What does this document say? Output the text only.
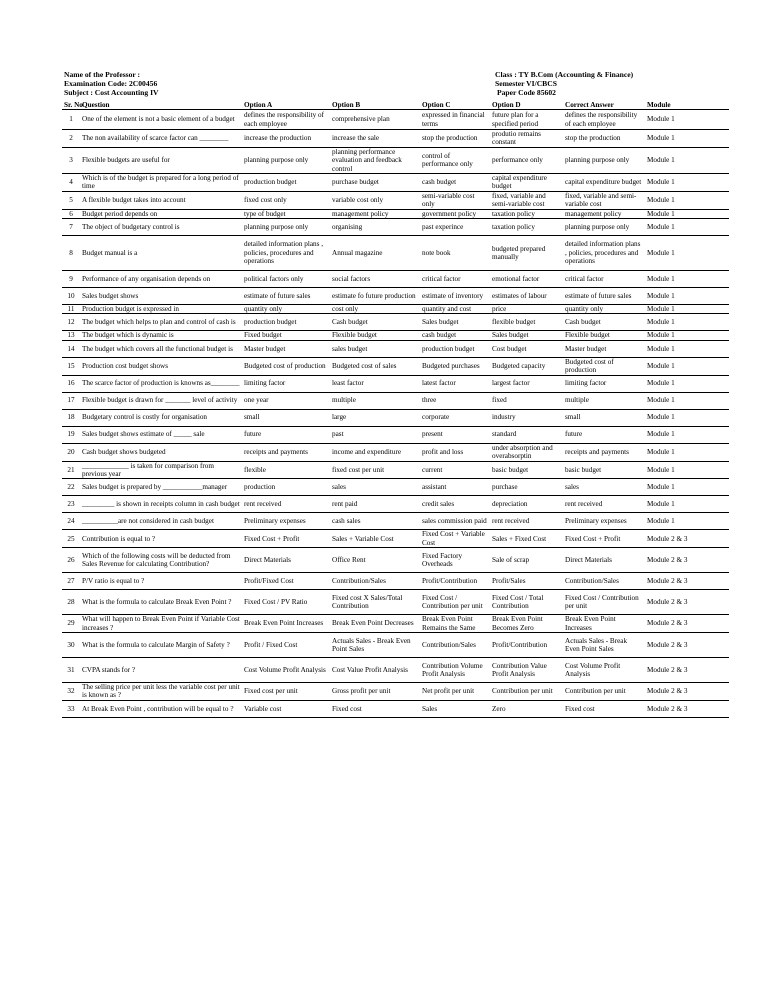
Name of the Professor :
Examination Code: 2C00456
Subject : Cost Accounting IV
Class : TY B.Com (Accounting & Finance)
Semester VI/CBCS
Paper Code 85602
Sr. No	Question	Option A	Option B	Option C	Option D	Correct Answer	Module
1	One of the element is not a basic element of a budget	defines the responsibility of each employee	comprehensive plan	expressed in financial terms	future plan for a specified period	defines the responsibility of each employee	Module 1
2	The non availability of scarce factor can ________	increase the production	increase the sale	stop the production	produtio remains constant	stop the production	Module 1
3	Flexible budgets are useful for	planning purpose only	planning performance evaluation and feedback control	control of performance only	performance only	planning purpose only	Module 1
4	Which is of the budget is prepared for a long period of time	production budget	purchase budget	cash budget	capital expenditure budget	capital expenditure budget	Module 1
5	A flexible budget takes into account	fixed cost only	variable cost only	semi-variable cost only	fixed, variable and semi-variable cost	fixed, variable and semi-variable cost	Module 1
6	Budget period depends on	type of budget	management policy	government policy	taxation policy	management policy	Module 1
7	The object of budgetary control is	planning purpose only	organising	past experince	taxation policy	planning purpose only	Module 1
8	Budget manual is a	detailed information plans , policies, procedures and operations	Annual magazine	note book	budgeted prepared manually	detailed information plans , policies, procedures and operations	Module 1
9	Performance of any organisation depends on	political factors only	social factors	critical factor	emotional factor	critical factor	Module 1
10	Sales budget shows	estimate of future sales	estimate fo future production	estimate of inventory	estimates of labour	estimate of future sales	Module 1
11	Production budget is expressed in	quantity only	cost only	quantity and cost	price	quantity only	Module 1
12	The budget which helps to plan and control of cash is	production budget	Cash budget	Sales budget	flexible budget	Cash budget	Module 1
13	The budget which is dynamic is	Fixed budget	Flexible budget	cash budget	Sales budget	Flexible budget	Module 1
14	The budget which covers all the functional budget is	Master budget	sales budget	production budget	Cost budget	Master budget	Module 1
15	Production cost budget shows	Budgeted cost of production	Budgeted cost of sales	Budgeted purchases	Budgeted capacity	Budgeted cost of production	Module 1
16	The scarce factor of production is knowns as________	limiting factor	least factor	latest factor	largest factor	limiting factor	Module 1
17	Flexible budget is drawn for _______ level of activity	one year	multiple	three	fixed	multiple	Module 1
18	Budgetary control is costly for organisation	small	large	corporate	industry	small	Module 1
19	Sales budget shows estimate of _____ sale	future	past	present	standard	future	Module 1
20	Cash budget shows budgeted	receipts and payments	income and expenditure	profit and loss	under absorption and overabsorptin	receipts and payments	Module 1
21	_____________ is taken for comparison from previous year	flexible	fixed cost per unit	current	basic budget	basic budget	Module 1
22	Sales budget is prepared by ___________manager	production	sales	assistant	purchase	sales	Module 1
23	_________ is shown in receipts column in cash budget	rent received	rent paid	credit sales	depreciation	rent received	Module 1
24	__________are not considered in cash budget	Preliminary expenses	cash sales	sales commission paid	rent received	Preliminary expenses	Module 1
25	Contribution is equal to ?	Fixed Cost + Profit	Sales + Variable Cost	Fixed Cost + Variable Cost	Sales + Fixed Cost	Fixed Cost + Profit	Module 2 & 3
26	Which of the following costs will be deducted from Sales Revenue for calculating Contribution?	Direct Materials	Office Rent	Fixed Factory Overheads	Sale of scrap	Direct Materials	Module 2 & 3
27	P/V ratio is equal to ?	Profit/Fixed Cost	Contribution/Sales	Profit/Contribution	Profit/Sales	Contribution/Sales	Module 2 & 3
28	What is the formula to calculate Break Even Point ?	Fixed Cost / PV Ratio	Fixed cost X Sales/Total Contribution	Fixed Cost / Contribution per unit	Fixed Cost / Total Contribution	Fixed Cost / Contribution per unit	Module 2 & 3
29	What will happen to Break Even Point if Variable Cost increases ?	Break Even Point Increases	Break Even Point Decreases	Break Even Point Remains the Same	Break Even Point Becomes Zero	Break Even Point Increases	Module 2 & 3
30	What is the formula to calculate Margin of Safety ?	Profit / Fixed Cost	Actuals Sales - Break Even Point Sales	Contribution/Sales	Profit/Contribution	Actuals Sales - Break Even Point Sales	Module 2 & 3
31	CVPA stands for ?	Cost Volume Profit Analysis	Cost Value Profit Analysis	Contribution Volume Profit Analysis	Contribution Value Profit Analysis	Cost Volume Profit Analysis	Module 2 & 3
32	The selling price per unit less the variable cost per unit is known as ?	Fixed cost per unit	Gross profit per unit	Net profit per unit	Contribution per unit	Contribution per unit	Module 2 & 3
33	At Break Even Point , contribution will be equal to ?	Variable cost	Fixed cost	Sales	Zero	Fixed cost	Module 2 & 3
